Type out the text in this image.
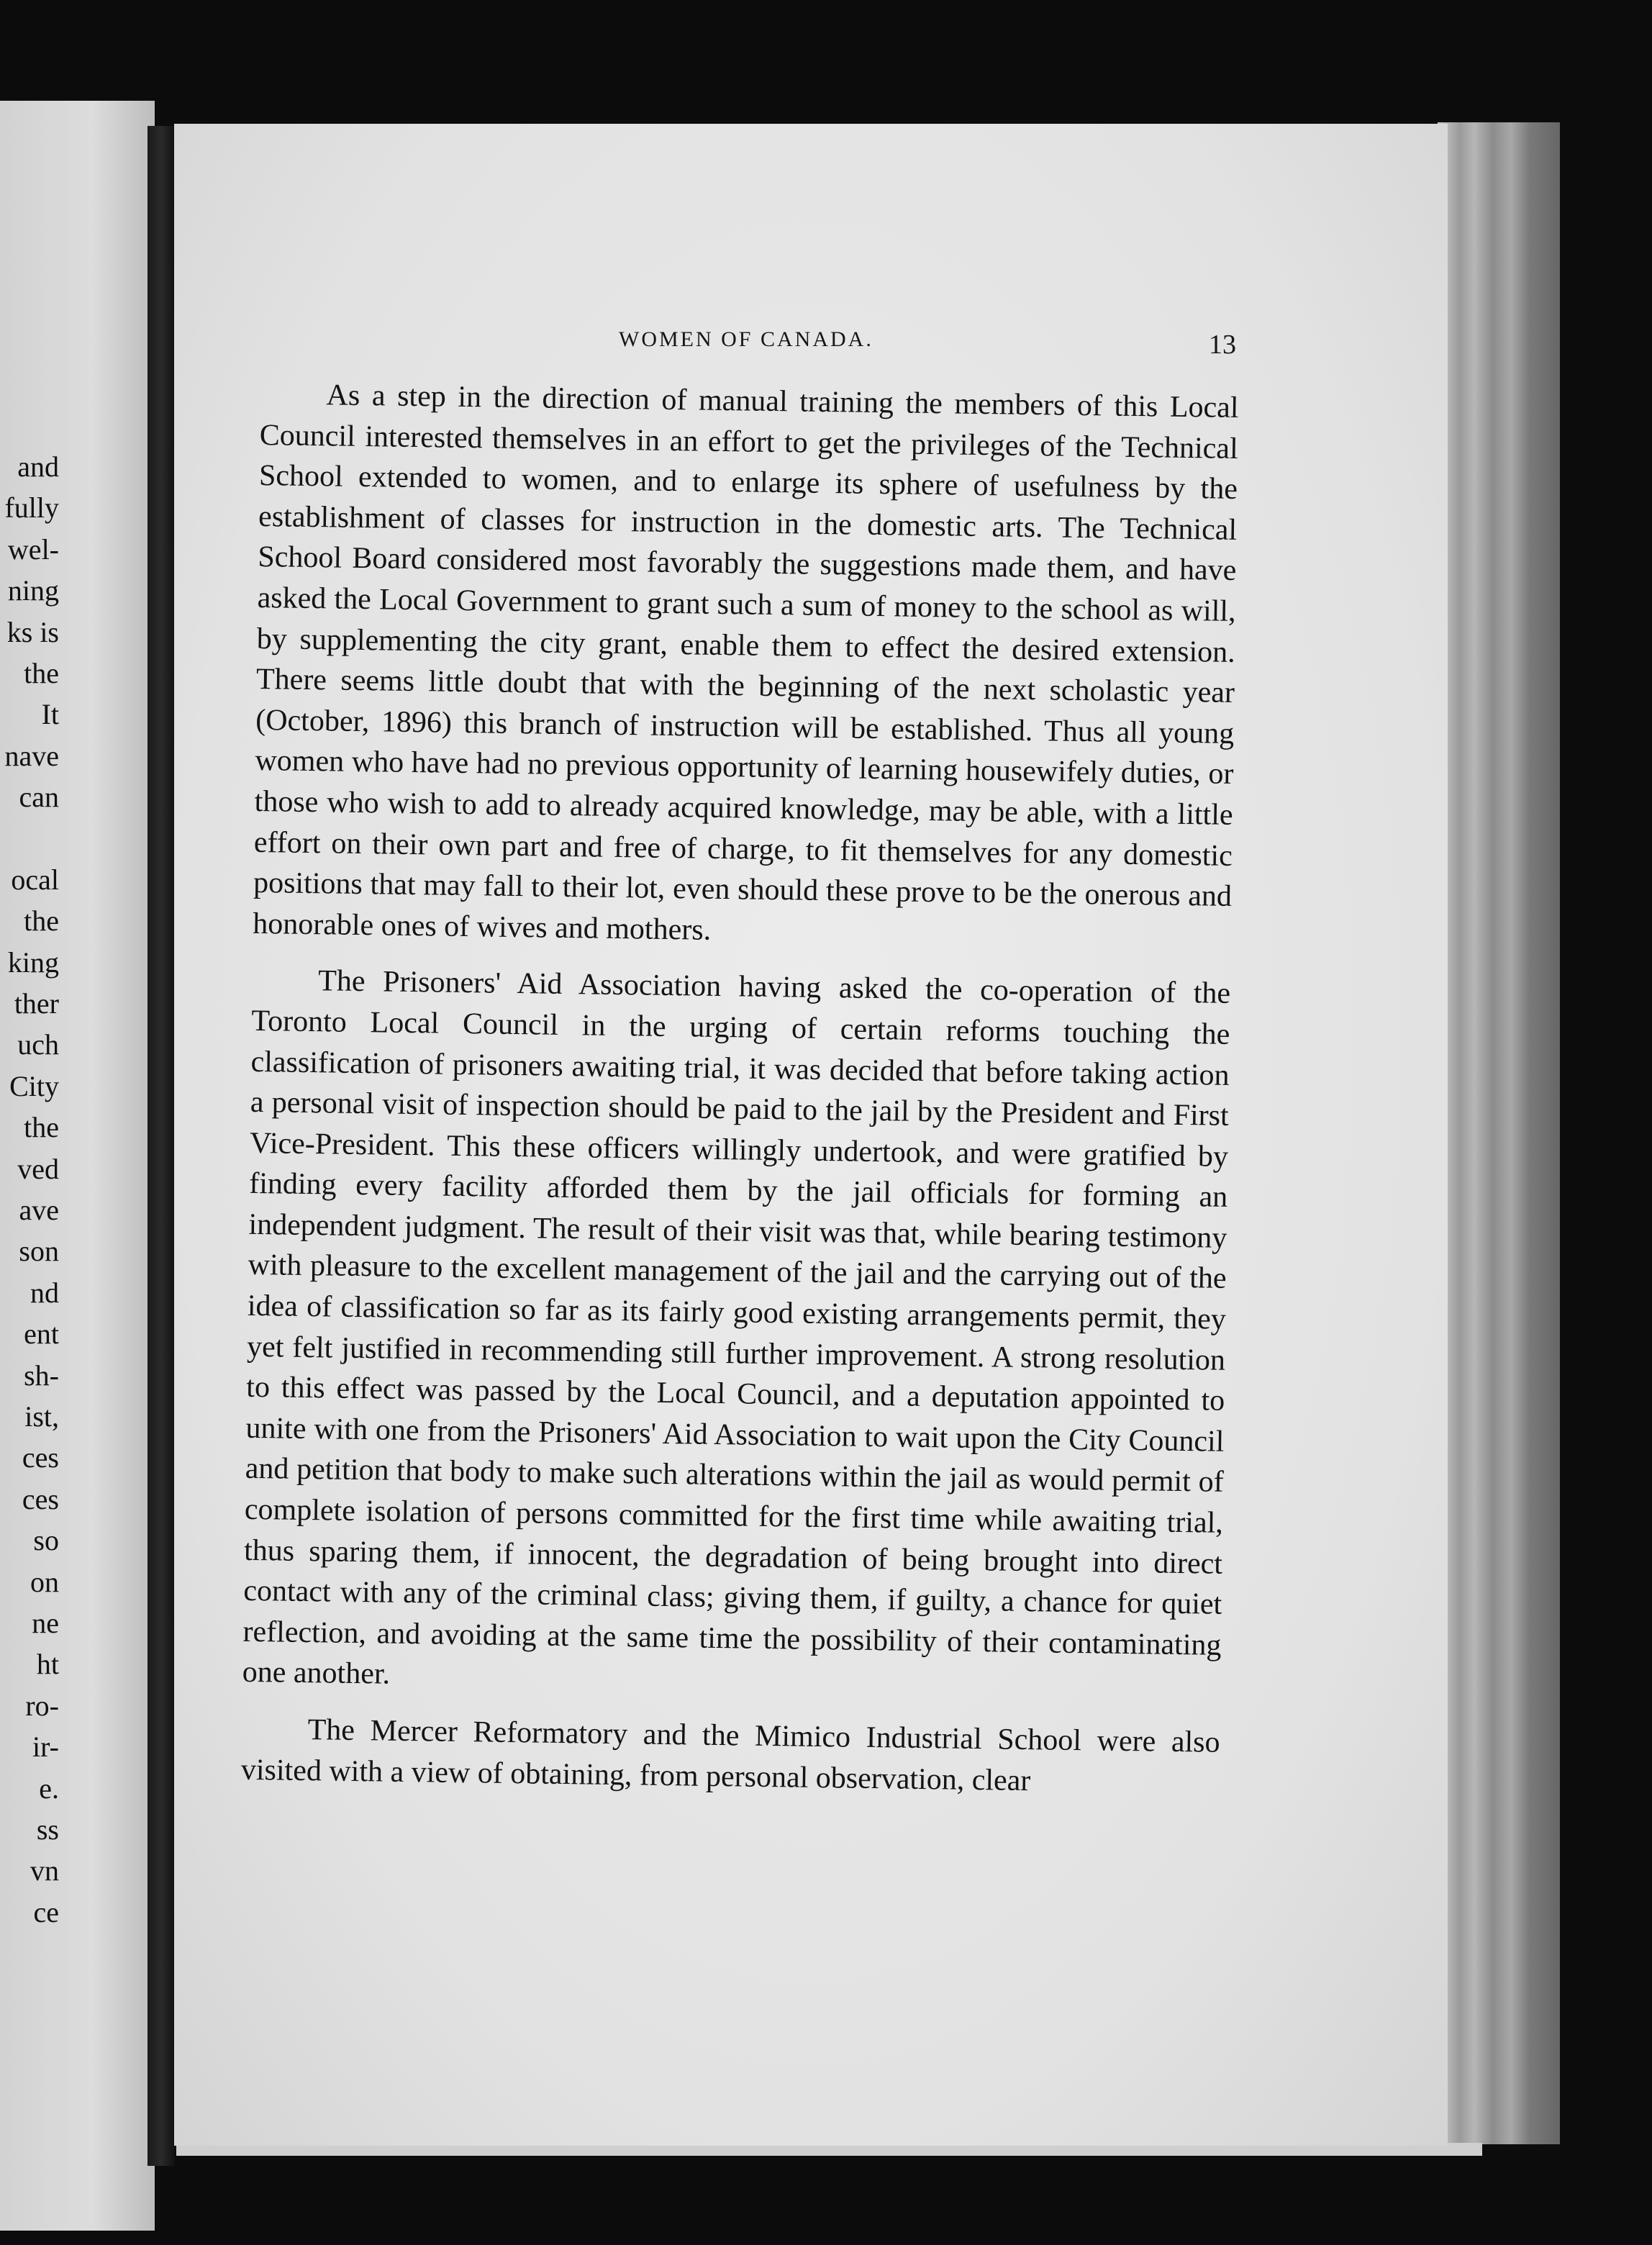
and
fully
wel-
ning
ks is
the
It
nave
can
ocal
the
king
ther
uch
City
the
ved
ave
son
nd
ent
sh-
ist,
ces
ces
so
on
ne
ht
ro-
ir-
e.
ss
vn
ce
WOMEN OF CANADA.	13

As a step in the direction of manual training the members of this Local Council interested themselves in an effort to get the privileges of the Technical School extended to women, and to enlarge its sphere of usefulness by the establishment of classes for instruction in the domestic arts. The Technical School Board considered most favorably the suggestions made them, and have asked the Local Government to grant such a sum of money to the school as will, by supplementing the city grant, enable them to effect the desired extension. There seems little doubt that with the beginning of the next scholastic year (October, 1896) this branch of instruction will be established. Thus all young women who have had no previous opportunity of learning housewifely duties, or those who wish to add to already acquired knowledge, may be able, with a little effort on their own part and free of charge, to fit themselves for any domestic positions that may fall to their lot, even should these prove to be the onerous and honorable ones of wives and mothers.

The Prisoners' Aid Association having asked the co-operation of the Toronto Local Council in the urging of certain reforms touching the classification of prisoners awaiting trial, it was decided that before taking action a personal visit of inspection should be paid to the jail by the President and First Vice-President. This these officers willingly undertook, and were gratified by finding every facility afforded them by the jail officials for forming an independent judgment. The result of their visit was that, while bearing testimony with pleasure to the excellent management of the jail and the carrying out of the idea of classification so far as its fairly good existing arrangements permit, they yet felt justified in recommending still further improvement. A strong resolution to this effect was passed by the Local Council, and a deputation appointed to unite with one from the Prisoners' Aid Association to wait upon the City Council and petition that body to make such alterations within the jail as would permit of complete isolation of persons committed for the first time while awaiting trial, thus sparing them, if innocent, the degradation of being brought into direct contact with any of the criminal class; giving them, if guilty, a chance for quiet reflection, and avoiding at the same time the possibility of their contaminating one another.

The Mercer Reformatory and the Mimico Industrial School were also visited with a view of obtaining, from personal observation, clear
